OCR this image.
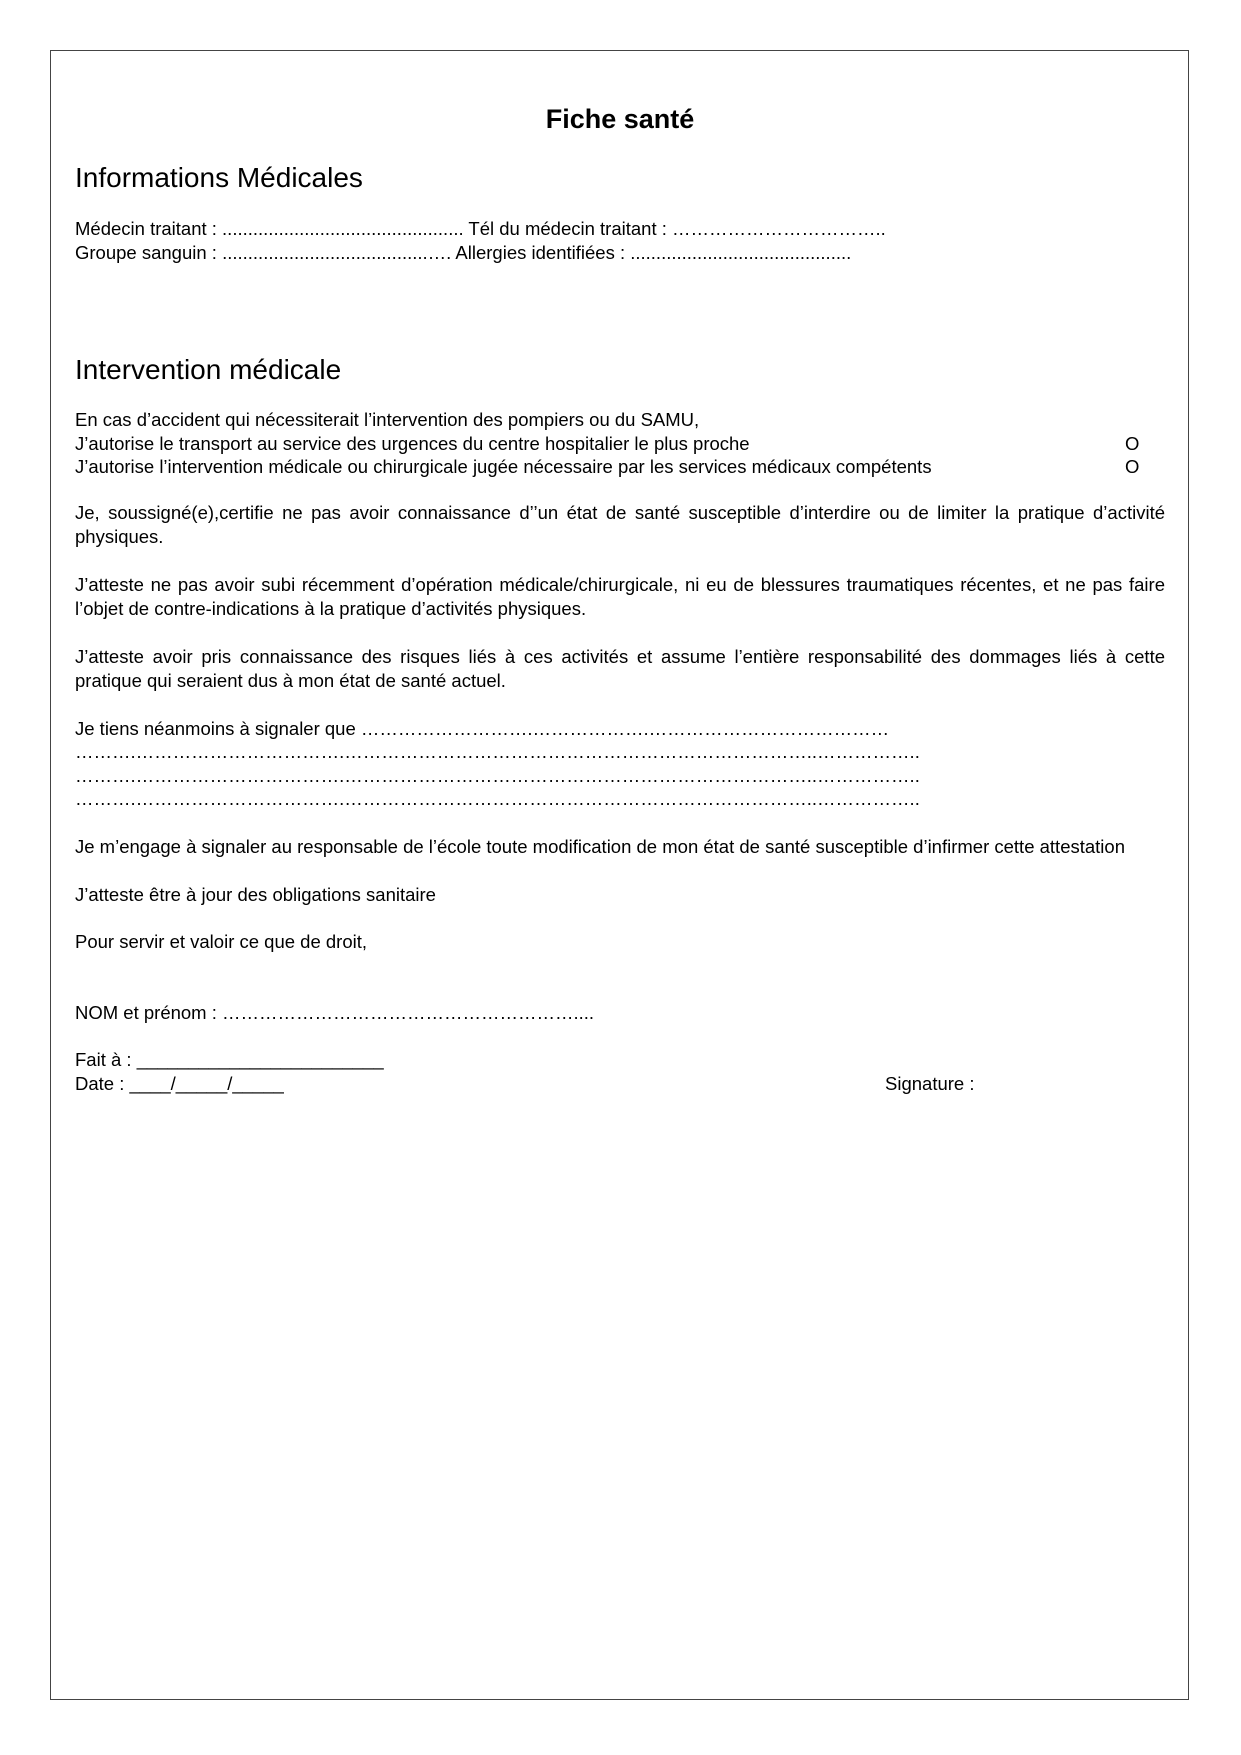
Fiche santé
Informations Médicales
Médecin traitant : ............................................... Tél du médecin traitant : ……………………………..
Groupe sanguin : ........................................…. Allergies identifiées : ...........................................
Intervention médicale
En cas d’accident qui nécessiterait l’intervention des pompiers ou du SAMU,
J’autorise le transport au service des urgences du centre hospitalier le plus proche	O
J’autorise l’intervention médicale ou chirurgicale jugée nécessaire par les services médicaux compétents	O

Je, soussigné(e),certifie ne pas avoir connaissance d’’un état de santé susceptible d’interdire ou de limiter la pratique d’activité physiques.

J’atteste ne pas avoir subi récemment d’opération médicale/chirurgicale, ni eu de blessures traumatiques récentes, et ne pas faire l’objet de contre-indications à la pratique d’activités physiques.

J’atteste avoir pris connaissance des risques liés à ces activités et assume l’entière responsabilité des dommages liés à cette pratique qui seraient dus à mon état de santé actuel.

Je tiens néanmoins à signaler que ……………………….……………….…………………………………
……….…………………………….…………………………………………………………………..……………..
……….…………………………….…………………………………………………………………..……………..
……….…………………………….…………………………………………………………………..……………..

Je m’engage à signaler au responsable de l’école toute modification de mon état de santé susceptible d’infirmer cette attestation

J’atteste être à jour des obligations sanitaire
Pour servir et valoir ce que de droit,
NOM et prénom : …………………………………………………....
Fait à : ________________________
Date : ____/_____/_____	Signature :
